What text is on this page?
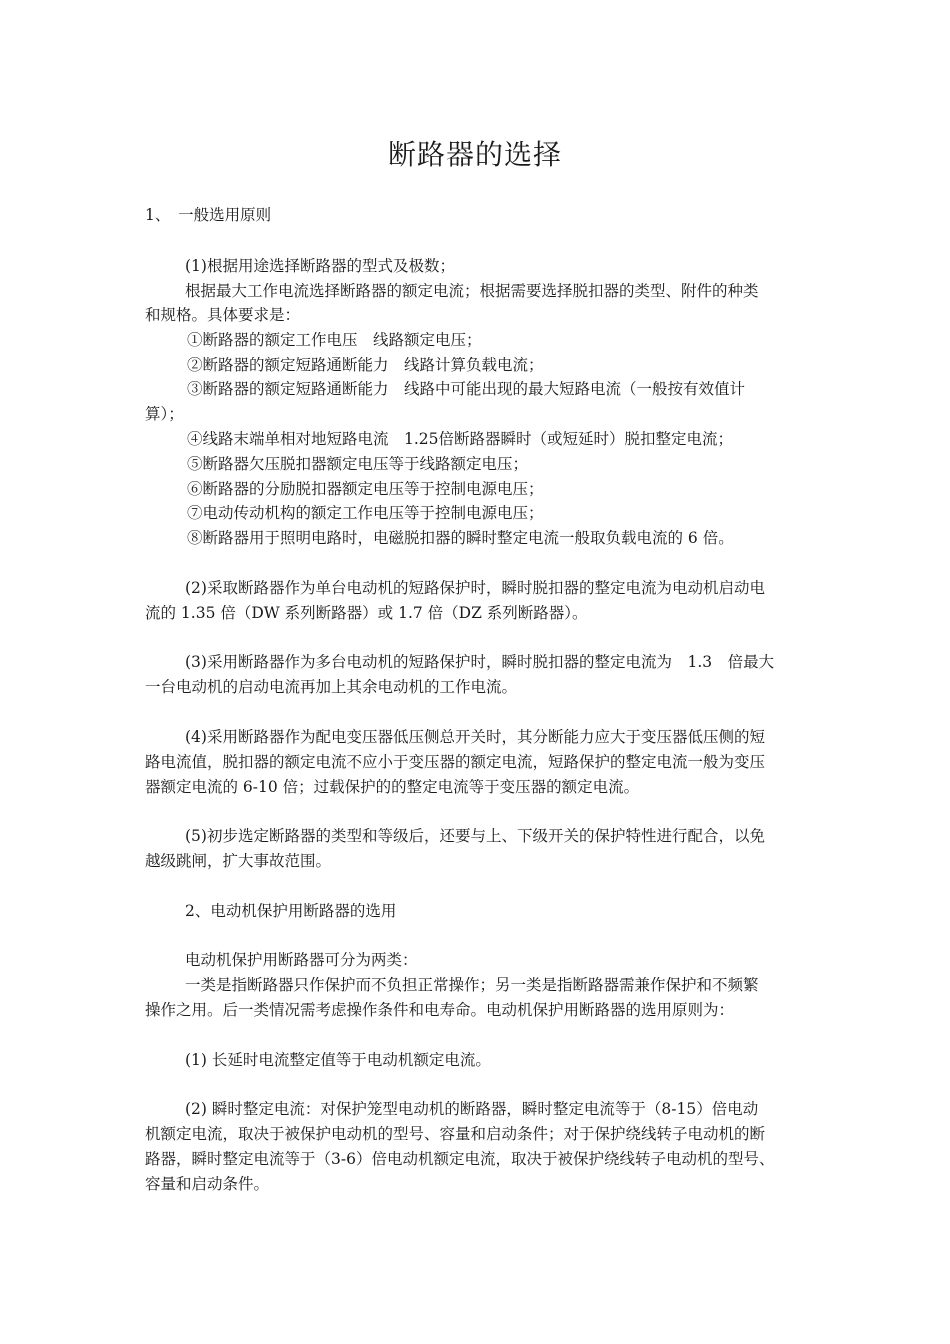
断路器的选择
1、　一般选用原则
(1)根据用途选择断路器的型式及极数；
根据最大工作电流选择断路器的额定电流；根据需要选择脱扣器的类型、附件的种类
和规格。具体要求是：
①断路器的额定工作电压　线路额定电压；
②断路器的额定短路通断能力　线路计算负载电流；
③断路器的额定短路通断能力　线路中可能出现的最大短路电流（一般按有效值计
算）；
④线路末端单相对地短路电流　1.25倍断路器瞬时（或短延时）脱扣整定电流；
⑤断路器欠压脱扣器额定电压等于线路额定电压；
⑥断路器的分励脱扣器额定电压等于控制电源电压；
⑦电动传动机构的额定工作电压等于控制电源电压；
⑧断路器用于照明电路时，电磁脱扣器的瞬时整定电流一般取负载电流的 6 倍。
(2)采取断路器作为单台电动机的短路保护时，瞬时脱扣器的整定电流为电动机启动电
流的 1.35 倍（DW 系列断路器）或 1.7 倍（DZ 系列断路器）。
(3)采用断路器作为多台电动机的短路保护时，瞬时脱扣器的整定电流为　1.3　倍最大
一台电动机的启动电流再加上其余电动机的工作电流。
(4)采用断路器作为配电变压器低压侧总开关时，其分断能力应大于变压器低压侧的短
路电流值，脱扣器的额定电流不应小于变压器的额定电流，短路保护的整定电流一般为变压
器额定电流的 6-10 倍；过载保护的的整定电流等于变压器的额定电流。
(5)初步选定断路器的类型和等级后，还要与上、下级开关的保护特性进行配合，以免
越级跳闸，扩大事故范围。
2、电动机保护用断路器的选用
电动机保护用断路器可分为两类：
一类是指断路器只作保护而不负担正常操作；另一类是指断路器需兼作保护和不频繁
操作之用。后一类情况需考虑操作条件和电寿命。电动机保护用断路器的选用原则为：
(1) 长延时电流整定值等于电动机额定电流。
(2) 瞬时整定电流：对保护笼型电动机的断路器，瞬时整定电流等于（8-15）倍电动
机额定电流，取决于被保护电动机的型号、容量和启动条件；对于保护绕线转子电动机的断
路器，瞬时整定电流等于（3-6）倍电动机额定电流，取决于被保护绕线转子电动机的型号、
容量和启动条件。
